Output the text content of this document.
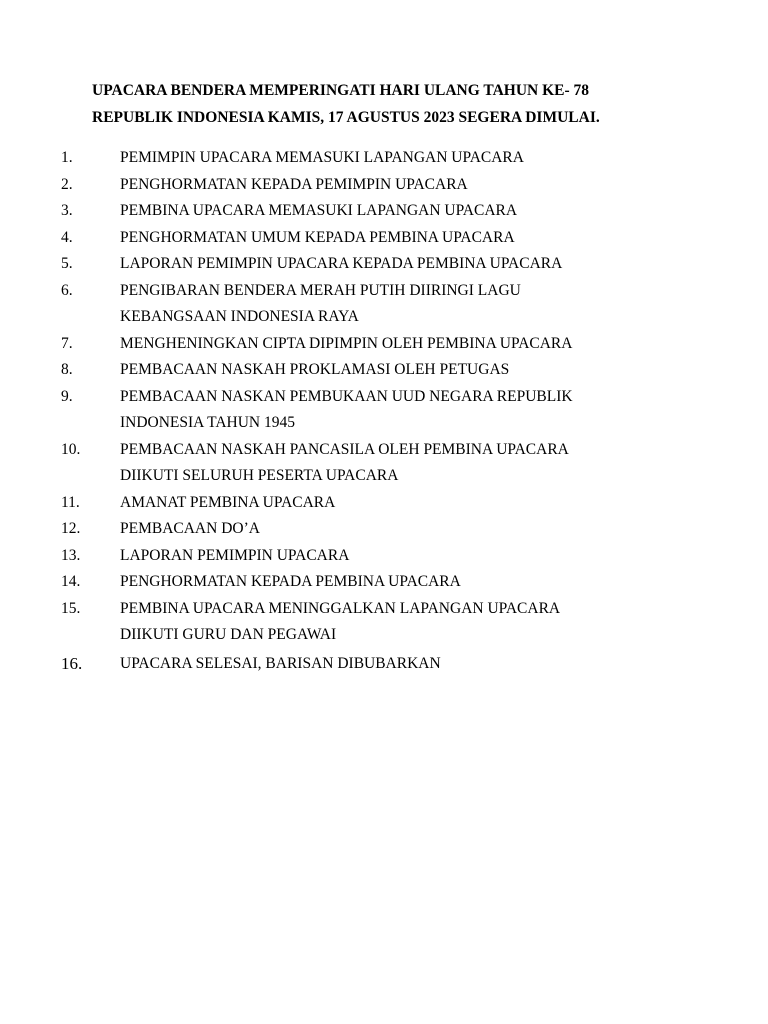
UPACARA BENDERA MEMPERINGATI HARI ULANG TAHUN KE- 78
REPUBLIK INDONESIA KAMIS, 17 AGUSTUS 2023 SEGERA DIMULAI.
1.	PEMIMPIN UPACARA MEMASUKI LAPANGAN UPACARA
2.	PENGHORMATAN KEPADA PEMIMPIN UPACARA
3.	PEMBINA UPACARA MEMASUKI LAPANGAN UPACARA
4.	PENGHORMATAN UMUM KEPADA PEMBINA UPACARA
5.	LAPORAN PEMIMPIN UPACARA KEPADA PEMBINA UPACARA
6.	PENGIBARAN BENDERA MERAH PUTIH DIIRINGI LAGU
KEBANGSAAN INDONESIA RAYA
7.	MENGHENINGKAN CIPTA DIPIMPIN OLEH PEMBINA UPACARA
8.	PEMBACAAN NASKAH PROKLAMASI OLEH PETUGAS
9.	PEMBACAAN NASKAN PEMBUKAAN UUD NEGARA REPUBLIK
INDONESIA TAHUN 1945
10.	PEMBACAAN NASKAH PANCASILA OLEH PEMBINA UPACARA
DIIKUTI SELURUH PESERTA UPACARA
11.	AMANAT PEMBINA UPACARA
12.	PEMBACAAN DO’A
13.	LAPORAN PEMIMPIN UPACARA
14.	PENGHORMATAN KEPADA PEMBINA UPACARA
15.	PEMBINA UPACARA MENINGGALKAN LAPANGAN UPACARA
DIIKUTI GURU DAN PEGAWAI
16. UPACARA SELESAI, BARISAN DIBUBARKAN
